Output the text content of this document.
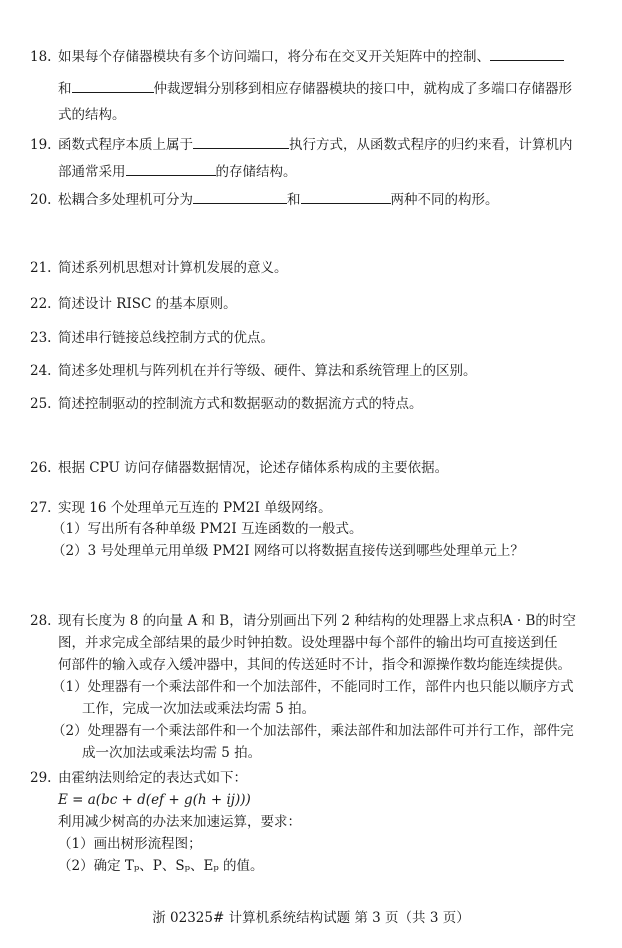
18. 如果每个存储器模块有多个访问端口，将分布在交叉开关矩阵中的控制、
和	仲裁逻辑分别移到相应存储器模块的接口中，就构成了多端口存储器形
式的结构。
19. 函数式程序本质上属于	执行方式，从函数式程序的归约来看，计算机内
部通常采用	的存储结构。
20. 松耦合多处理机可分为	和	两种不同的构形。
21. 简述系列机思想对计算机发展的意义。
22. 简述设计 RISC 的基本原则。
23. 简述串行链接总线控制方式的优点。
24. 简述多处理机与阵列机在并行等级、硬件、算法和系统管理上的区别。
25. 简述控制驱动的控制流方式和数据驱动的数据流方式的特点。
26. 根据 CPU 访问存储器数据情况，论述存储体系构成的主要依据。
27. 实现 16 个处理单元互连的 PM2I 单级网络。
（1）写出所有各种单级 PM2I 互连函数的一般式。
（2）3 号处理单元用单级 PM2I 网络可以将数据直接传送到哪些处理单元上？
28. 现有长度为 8 的向量 A 和 B，请分别画出下列 2 种结构的处理器上求点积A · B的时空
图，并求完成全部结果的最少时钟拍数。设处理器中每个部件的输出均可直接送到任
何部件的输入或存入缓冲器中，其间的传送延时不计，指令和源操作数均能连续提供。
（1）处理器有一个乘法部件和一个加法部件，不能同时工作，部件内也只能以顺序方式
工作，完成一次加法或乘法均需 5 拍。
（2）处理器有一个乘法部件和一个加法部件，乘法部件和加法部件可并行工作，部件完
成一次加法或乘法均需 5 拍。
29. 由霍纳法则给定的表达式如下：
E = a(bc + d(ef + g(h + ij)))
利用减少树高的办法来加速运算，要求：
（1）画出树形流程图；
（2）确定 Tₚ、P、Sₚ、Eₚ 的值。
浙 02325# 计算机系统结构试题 第 3 页（共 3 页）
